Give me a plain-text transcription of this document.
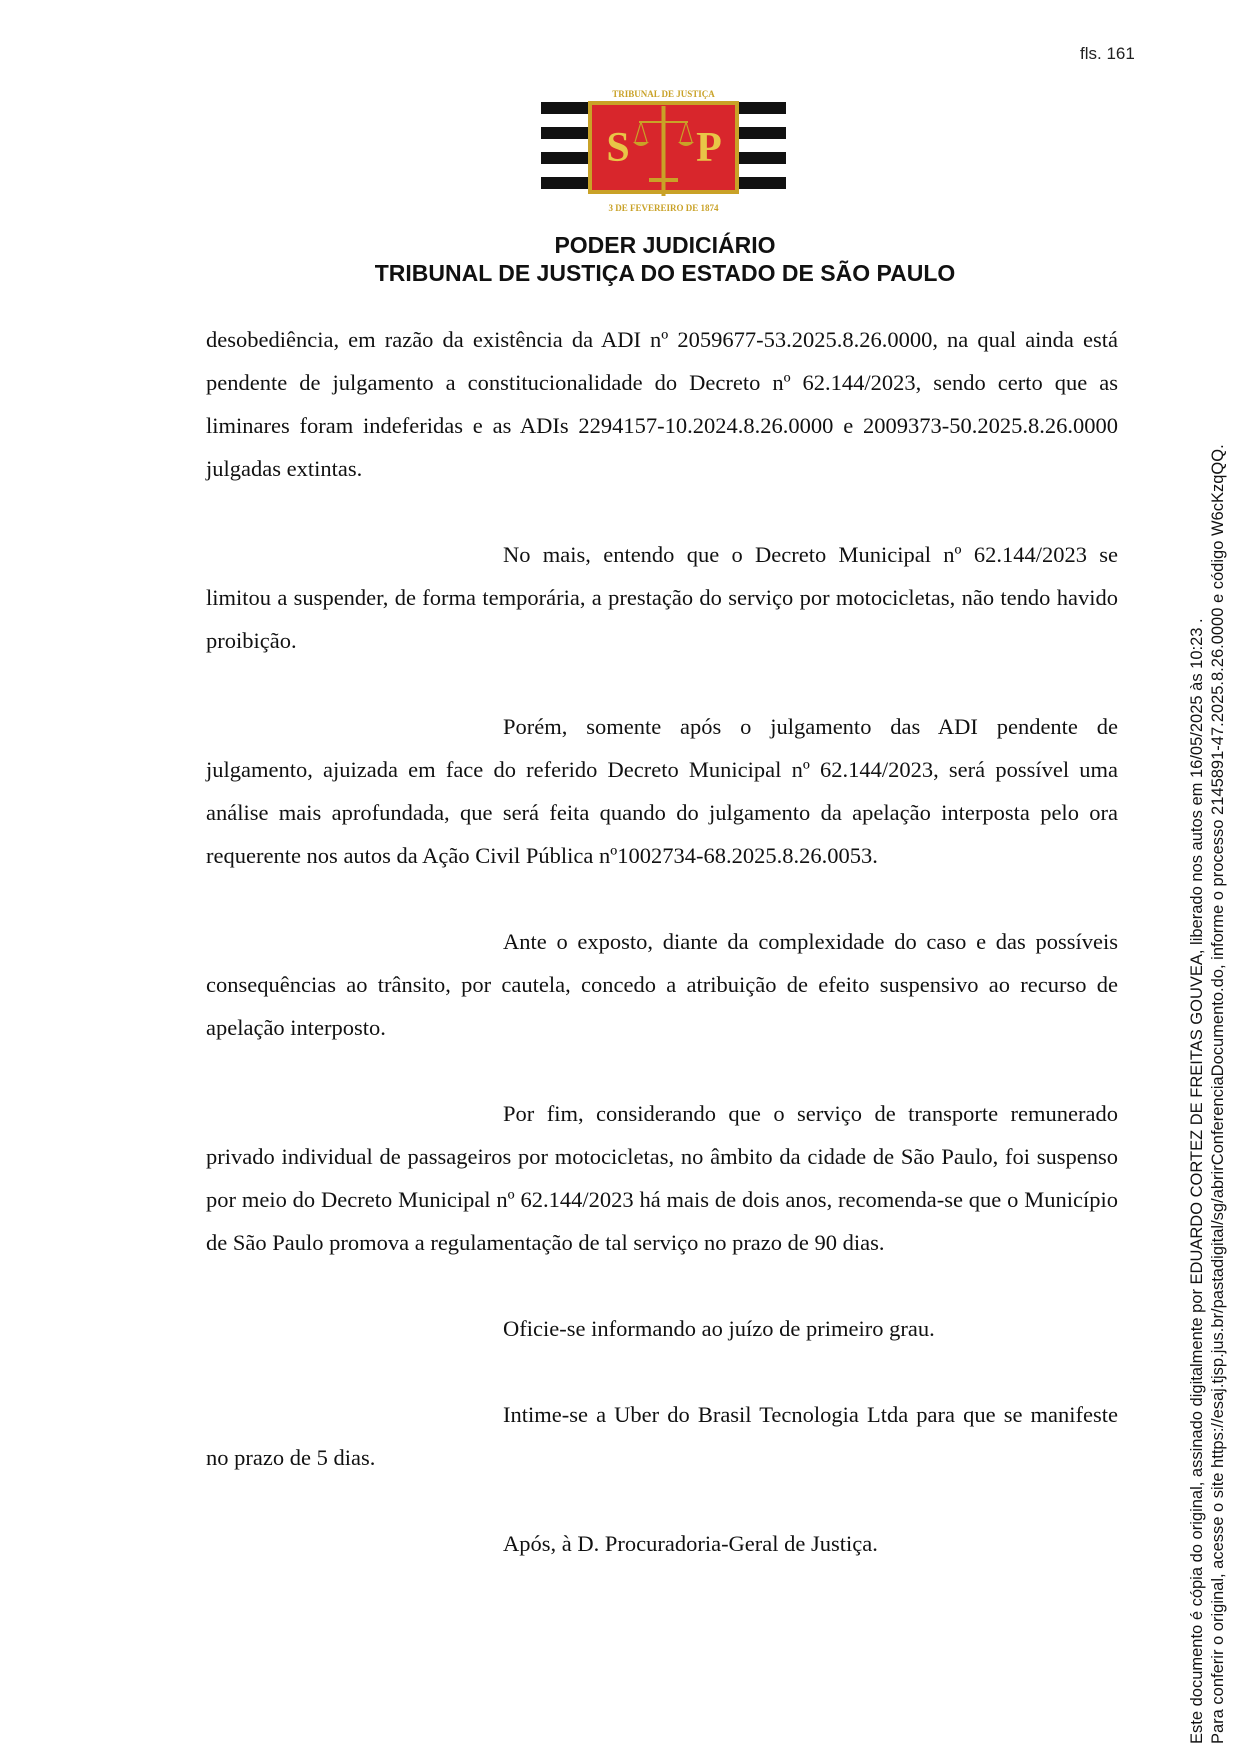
fls. 161
TRIBUNAL DE JUSTIÇA
S P
3 DE FEVEREIRO DE 1874
PODER JUDICIÁRIO
TRIBUNAL DE JUSTIÇA DO ESTADO DE SÃO PAULO

desobediência, em razão da existência da ADI nº 2059677-53.2025.8.26.0000, na qual ainda está pendente de julgamento a constitucionalidade do Decreto nº 62.144/2023, sendo certo que as liminares foram indeferidas e as ADIs 2294157-10.2024.8.26.0000 e 2009373-50.2025.8.26.0000 julgadas extintas.

No mais, entendo que o Decreto Municipal nº 62.144/2023 se limitou a suspender, de forma temporária, a prestação do serviço por motocicletas, não tendo havido proibição.

Porém, somente após o julgamento das ADI pendente de julgamento, ajuizada em face do referido Decreto Municipal nº 62.144/2023, será possível uma análise mais aprofundada, que será feita quando do julgamento da apelação interposta pelo ora requerente nos autos da Ação Civil Pública nº1002734-68.2025.8.26.0053.

Ante o exposto, diante da complexidade do caso e das possíveis consequências ao trânsito, por cautela, concedo a atribuição de efeito suspensivo ao recurso de apelação interposto.

Por fim, considerando que o serviço de transporte remunerado privado individual de passageiros por motocicletas, no âmbito da cidade de São Paulo, foi suspenso por meio do Decreto Municipal nº 62.144/2023 há mais de dois anos, recomenda-se que o Município de São Paulo promova a regulamentação de tal serviço no prazo de 90 dias.

Oficie-se informando ao juízo de primeiro grau.

Intime-se a Uber do Brasil Tecnologia Ltda para que se manifeste no prazo de 5 dias.

Após, à D. Procuradoria-Geral de Justiça.	Este documento é cópia do original, assinado digitalmente por EDUARDO CORTEZ DE FREITAS GOUVEA, liberado nos autos em 16/05/2025 às 10:23 . Para conferir o original, acesse o site https://esaj.tjsp.jus.br/pastadigital/sg/abrirConferenciaDocumento.do, informe o processo 2145891-47.2025.8.26.0000 e código W6cKzqQQ.
